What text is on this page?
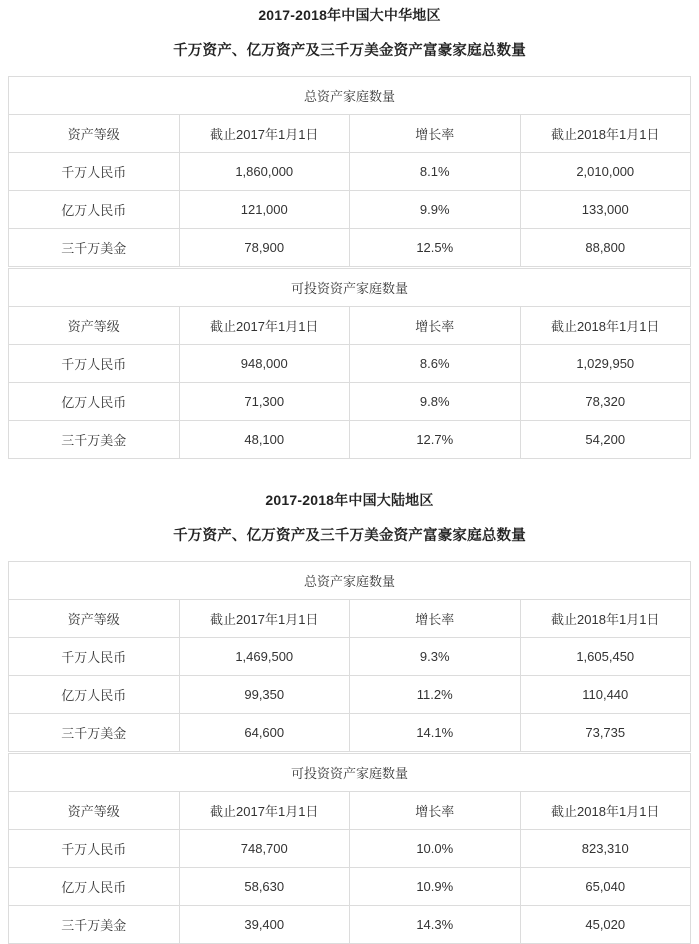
2017-2018年中国大中华地区
千万资产、亿万资产及三千万美金资产富豪家庭总数量
总资产家庭数量			
资产等级	截止2017年1月1日	增长率	截止2018年1月1日
千万人民币	1,860,000	8.1%	2,010,000
亿万人民币	121,000	9.9%	133,000
三千万美金	78,900	12.5%	88,800
可投资资产家庭数量			
资产等级	截止2017年1月1日	增长率	截止2018年1月1日
千万人民币	948,000	8.6%	1,029,950
亿万人民币	71,300	9.8%	78,320
三千万美金	48,100	12.7%	54,200
2017-2018年中国大陆地区
千万资产、亿万资产及三千万美金资产富豪家庭总数量
总资产家庭数量			
资产等级	截止2017年1月1日	增长率	截止2018年1月1日
千万人民币	1,469,500	9.3%	1,605,450
亿万人民币	99,350	11.2%	110,440
三千万美金	64,600	14.1%	73,735
可投资资产家庭数量			
资产等级	截止2017年1月1日	增长率	截止2018年1月1日
千万人民币	748,700	10.0%	823,310
亿万人民币	58,630	10.9%	65,040
三千万美金	39,400	14.3%	45,020
